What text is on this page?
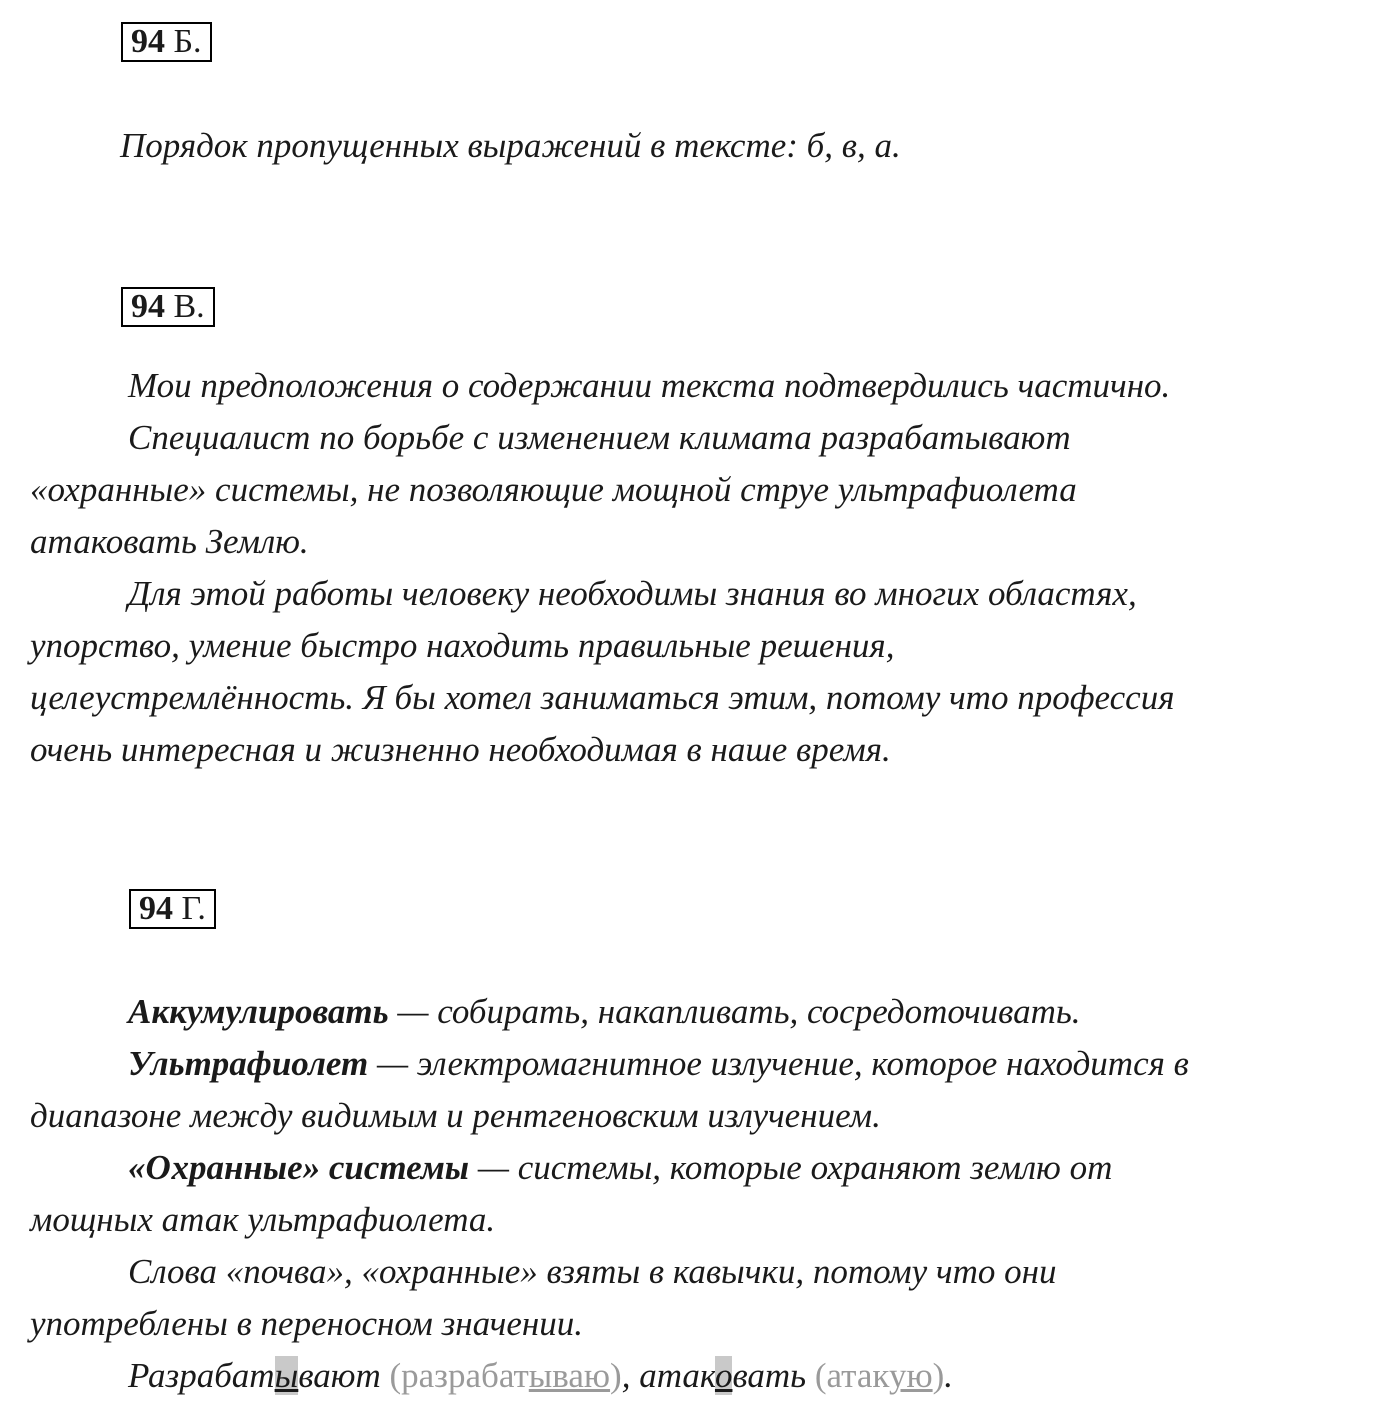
94 Б.
Порядок пропущенных выражений в тексте: б, в, а.
94 В.
Мои предположения о содержании текста подтвердились частично.
Специалист по борьбе с изменением климата разрабатывают
«охранные» системы, не позволяющие мощной струе ультрафиолета
атаковать Землю.
Для этой работы человеку необходимы знания во многих областях,
упорство, умение быстро находить правильные решения,
целеустремлённость. Я бы хотел заниматься этим, потому что профессия
очень интересная и жизненно необходимая в наше время.
94 Г.
Аккумулировать — собирать, накапливать, сосредоточивать.
Ультрафиолет — электромагнитное излучение, которое находится в
диапазоне между видимым и рентгеновским излучением.
«Охранные» системы — системы, которые охраняют землю от
мощных атак ультрафиолета.
Слова «почва», «охранные» взяты в кавычки, потому что они
употреблены в переносном значении.
Разрабатывают (разрабатываю), атаковать (атакую).
